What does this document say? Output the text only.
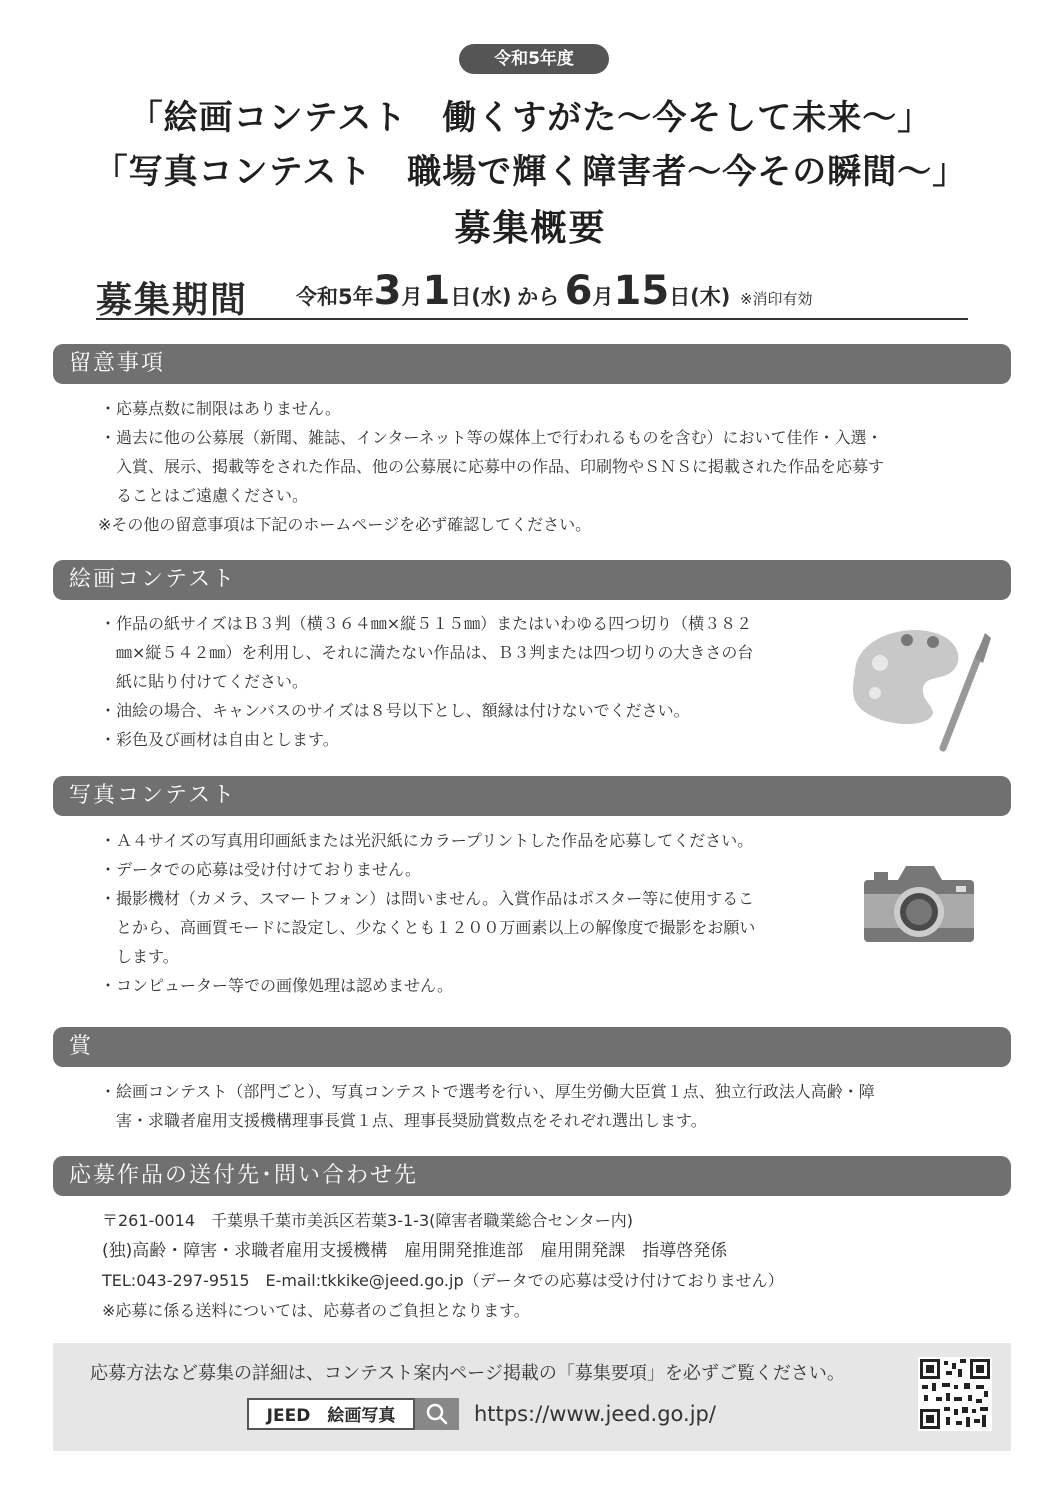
令和5年度
「絵画コンテスト　働くすがた〜今そして未来〜」
「写真コンテスト　職場で輝く障害者〜今その瞬間〜」
募集概要
募集期間 令和5年3月1日(水) から 6月15日(木) ※消印有効
留意事項
・応募点数に制限はありません。
・過去に他の公募展（新聞、雑誌、インターネット等の媒体上で行われるものを含む）において佳作・入選・
　入賞、展示、掲載等をされた作品、他の公募展に応募中の作品、印刷物やＳＮＳに掲載された作品を応募す
　ることはご遠慮ください。
※その他の留意事項は下記のホームページを必ず確認してください。
絵画コンテスト
・作品の紙サイズはＢ３判（横３６４㎜×縦５１５㎜）またはいわゆる四つ切り（横３８２
　㎜×縦５４２㎜）を利用し、それに満たない作品は、Ｂ３判または四つ切りの大きさの台
　紙に貼り付けてください。
・油絵の場合、キャンバスのサイズは８号以下とし、額縁は付けないでください。
・彩色及び画材は自由とします。
写真コンテスト
・Ａ４サイズの写真用印画紙または光沢紙にカラープリントした作品を応募してください。
・データでの応募は受け付けておりません。
・撮影機材（カメラ、スマートフォン）は問いません。入賞作品はポスター等に使用するこ
　とから、高画質モードに設定し、少なくとも１２００万画素以上の解像度で撮影をお願い
　します。
・コンピューター等での画像処理は認めません。
賞
・絵画コンテスト（部門ごと）、写真コンテストで選考を行い、厚生労働大臣賞１点、独立行政法人高齢・障
　害・求職者雇用支援機構理事長賞１点、理事長奨励賞数点をそれぞれ選出します。
応募作品の送付先･問い合わせ先
〒261-0014　千葉県千葉市美浜区若葉3-1-3(障害者職業総合センター内)
(独)高齢・障害・求職者雇用支援機構　雇用開発推進部　雇用開発課　指導啓発係
TEL:043-297-9515　E-mail:tkkike@jeed.go.jp（データでの応募は受け付けておりません）
※応募に係る送料については、応募者のご負担となります。
応募方法など募集の詳細は、コンテスト案内ページ掲載の「募集要項」を必ずご覧ください。
JEED　絵画写真	https://www.jeed.go.jp/
